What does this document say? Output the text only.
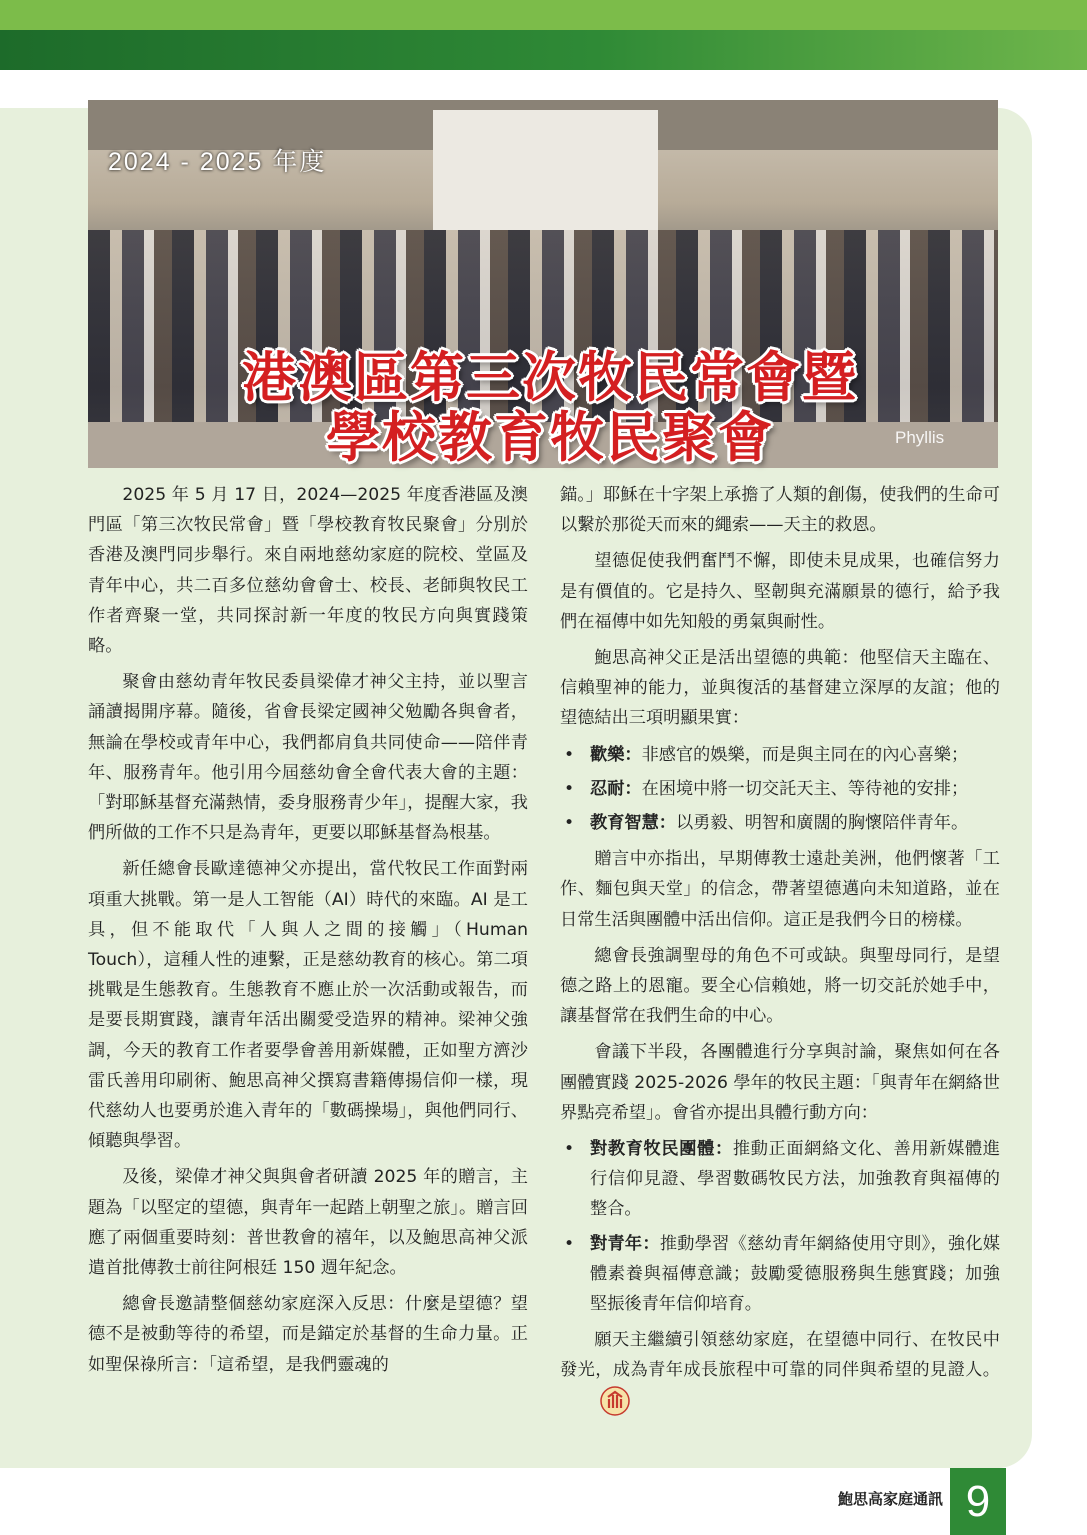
2024 - 2025 年度
Phyllis
港澳區第三次牧民常會暨
學校教育牧民聚會

2025 年 5 月 17 日，2024—2025 年度香港區及澳門區「第三次牧民常會」暨「學校教育牧民聚會」分別於香港及澳門同步舉行。來自兩地慈幼家庭的院校、堂區及青年中心，共二百多位慈幼會會士、校長、老師與牧民工作者齊聚一堂，共同探討新一年度的牧民方向與實踐策略。

聚會由慈幼青年牧民委員梁偉才神父主持，並以聖言誦讀揭開序幕。隨後，省會長梁定國神父勉勵各與會者，無論在學校或青年中心，我們都肩負共同使命——陪伴青年、服務青年。他引用今屆慈幼會全會代表大會的主題：「對耶穌基督充滿熱情，委身服務青少年」，提醒大家，我們所做的工作不只是為青年，更要以耶穌基督為根基。

新任總會長歐達德神父亦提出，當代牧民工作面對兩項重大挑戰。第一是人工智能（AI）時代的來臨。AI 是工具，但不能取代「人與人之間的接觸」（Human Touch），這種人性的連繫，正是慈幼教育的核心。第二項挑戰是生態教育。生態教育不應止於一次活動或報告，而是要長期實踐，讓青年活出關愛受造界的精神。梁神父強調，今天的教育工作者要學會善用新媒體，正如聖方濟沙雷氏善用印刷術、鮑思高神父撰寫書籍傳揚信仰一樣，現代慈幼人也要勇於進入青年的「數碼操場」，與他們同行、傾聽與學習。

及後，梁偉才神父與與會者研讀 2025 年的贈言，主題為「以堅定的望德，與青年一起踏上朝聖之旅」。贈言回應了兩個重要時刻：普世教會的禧年，以及鮑思高神父派遣首批傳教士前往阿根廷 150 週年紀念。

總會長邀請整個慈幼家庭深入反思：什麼是望德？望德不是被動等待的希望，而是錨定於基督的生命力量。正如聖保祿所言：「這希望，是我們靈魂的

錨。」耶穌在十字架上承擔了人類的創傷，使我們的生命可以繫於那從天而來的繩索——天主的救恩。

望德促使我們奮鬥不懈，即使未見成果，也確信努力是有價值的。它是持久、堅韌與充滿願景的德行，給予我們在福傳中如先知般的勇氣與耐性。

鮑思高神父正是活出望德的典範：他堅信天主臨在、信賴聖神的能力，並與復活的基督建立深厚的友誼；他的望德結出三項明顯果實：

• 歡樂：非感官的娛樂，而是與主同在的內心喜樂；
• 忍耐：在困境中將一切交託天主、等待祂的安排；
• 教育智慧：以勇毅、明智和廣闊的胸懷陪伴青年。

贈言中亦指出，早期傳教士遠赴美洲，他們懷著「工作、麵包與天堂」的信念，帶著望德邁向未知道路，並在日常生活與團體中活出信仰。這正是我們今日的榜樣。

總會長強調聖母的角色不可或缺。與聖母同行，是望德之路上的恩寵。要全心信賴她，將一切交託於她手中，讓基督常在我們生命的中心。

會議下半段，各團體進行分享與討論，聚焦如何在各團體實踐 2025-2026 學年的牧民主題：「與青年在網絡世界點亮希望」。會省亦提出具體行動方向：

• 對教育牧民團體：推動正面網絡文化、善用新媒體進行信仰見證、學習數碼牧民方法，加強教育與福傳的整合。
• 對青年：推動學習《慈幼青年網絡使用守則》，強化媒體素養與福傳意識；鼓勵愛德服務與生態實踐；加強堅振後青年信仰培育。

願天主繼續引領慈幼家庭，在望德中同行、在牧民中發光，成為青年成長旅程中可靠的同伴與希望的見證人。

鮑思高家庭通訊 9
